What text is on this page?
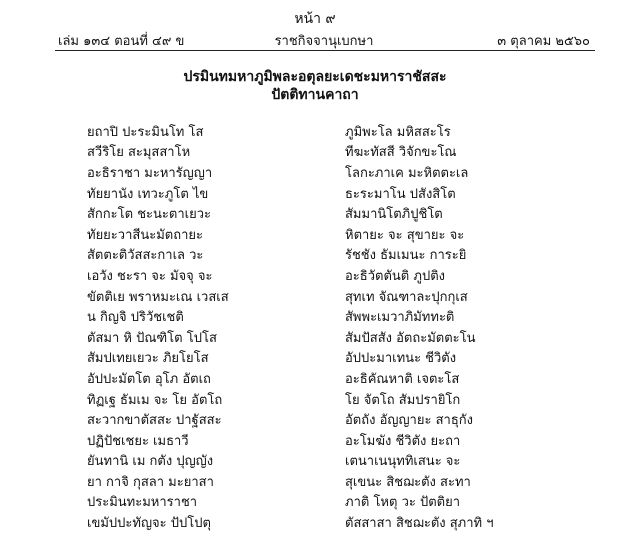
หน้า ๙
เล่ม ๑๓๔ ตอนที่ ๔๙ ข	ราชกิจจานุเบกษา	๓ ตุลาคม ๒๕๖๐
ปรมินทมหาภูมิพละอตุลยะเดชะมหาราชัสสะ
ปัตติทานคาถา
ยถาปิ ปะระมินโท โส	ภูมิพะโล มหิสสะโร
สวีริโย สะมุสสาโห	ทีฆะทัสสี วิจักขะโณ
อะธิราชา มะหารัญญา	โลกะภาเค มะหิตตะเล
ทัยยานัง เทวะภูโต ไข	ธะระมาโน ปสังสิโต
สักกะโต ชะนะตาเยวะ	สัมมานิโตภิปูชิโต
ทัยยะวาสีนะมัตถายะ	หิตายะ จะ สุขายะ จะ
สัตตะติวัสสะกาเล วะ	รัชชัง ธัมเมนะ การะยิ
เอวัง ชะรา จะ มัจจุ จะ	อะธิวัตตันติ ภูปติง
ขัตติเย พราหมะเณ เวสเส	สุทเท จัณฑาละปุกกุเส
น กิญจิ ปริวัชเชติ	สัพพะเมวาภิมัททะติ
ตัสมา หิ ปัณฑิโต โปโส	สัมปัสสัง อัตถะมัตตะโน
สัมปเทยเยวะ ภิยโยโส	อัปปะมาเทนะ ชีวิตัง
อัปปะมัตโต อุโภ อัตเถ	อะธิคัณหาติ เจตะโส
ทิฏเฐ ธัมเม จะ โย อัตโถ	โย จัตโถ สัมปรายิโก
สะวากขาตัสสะ ปาฐัสสะ	อัตถัง อัญญายะ สาธุกัง
ปฏิปัชเชยะ เมธาวี	อะโมฆัง ชีวิตัง ยะถา
ยันทานิ เม กตัง ปุญญัง	เตนาเนนุททิเสนะ จะ
ยา กาจิ กุสลา มะยาสา	สุเขนะ สิชฌะตัง สะทา
ประมินทะมหาราชา	ภาติ โหตุ วะ ปัตติยา
เขมัปปะทัญจะ ปัปโปตุ	ตัสสาสา สิชฌะตัง สุภาทิ ฯ
